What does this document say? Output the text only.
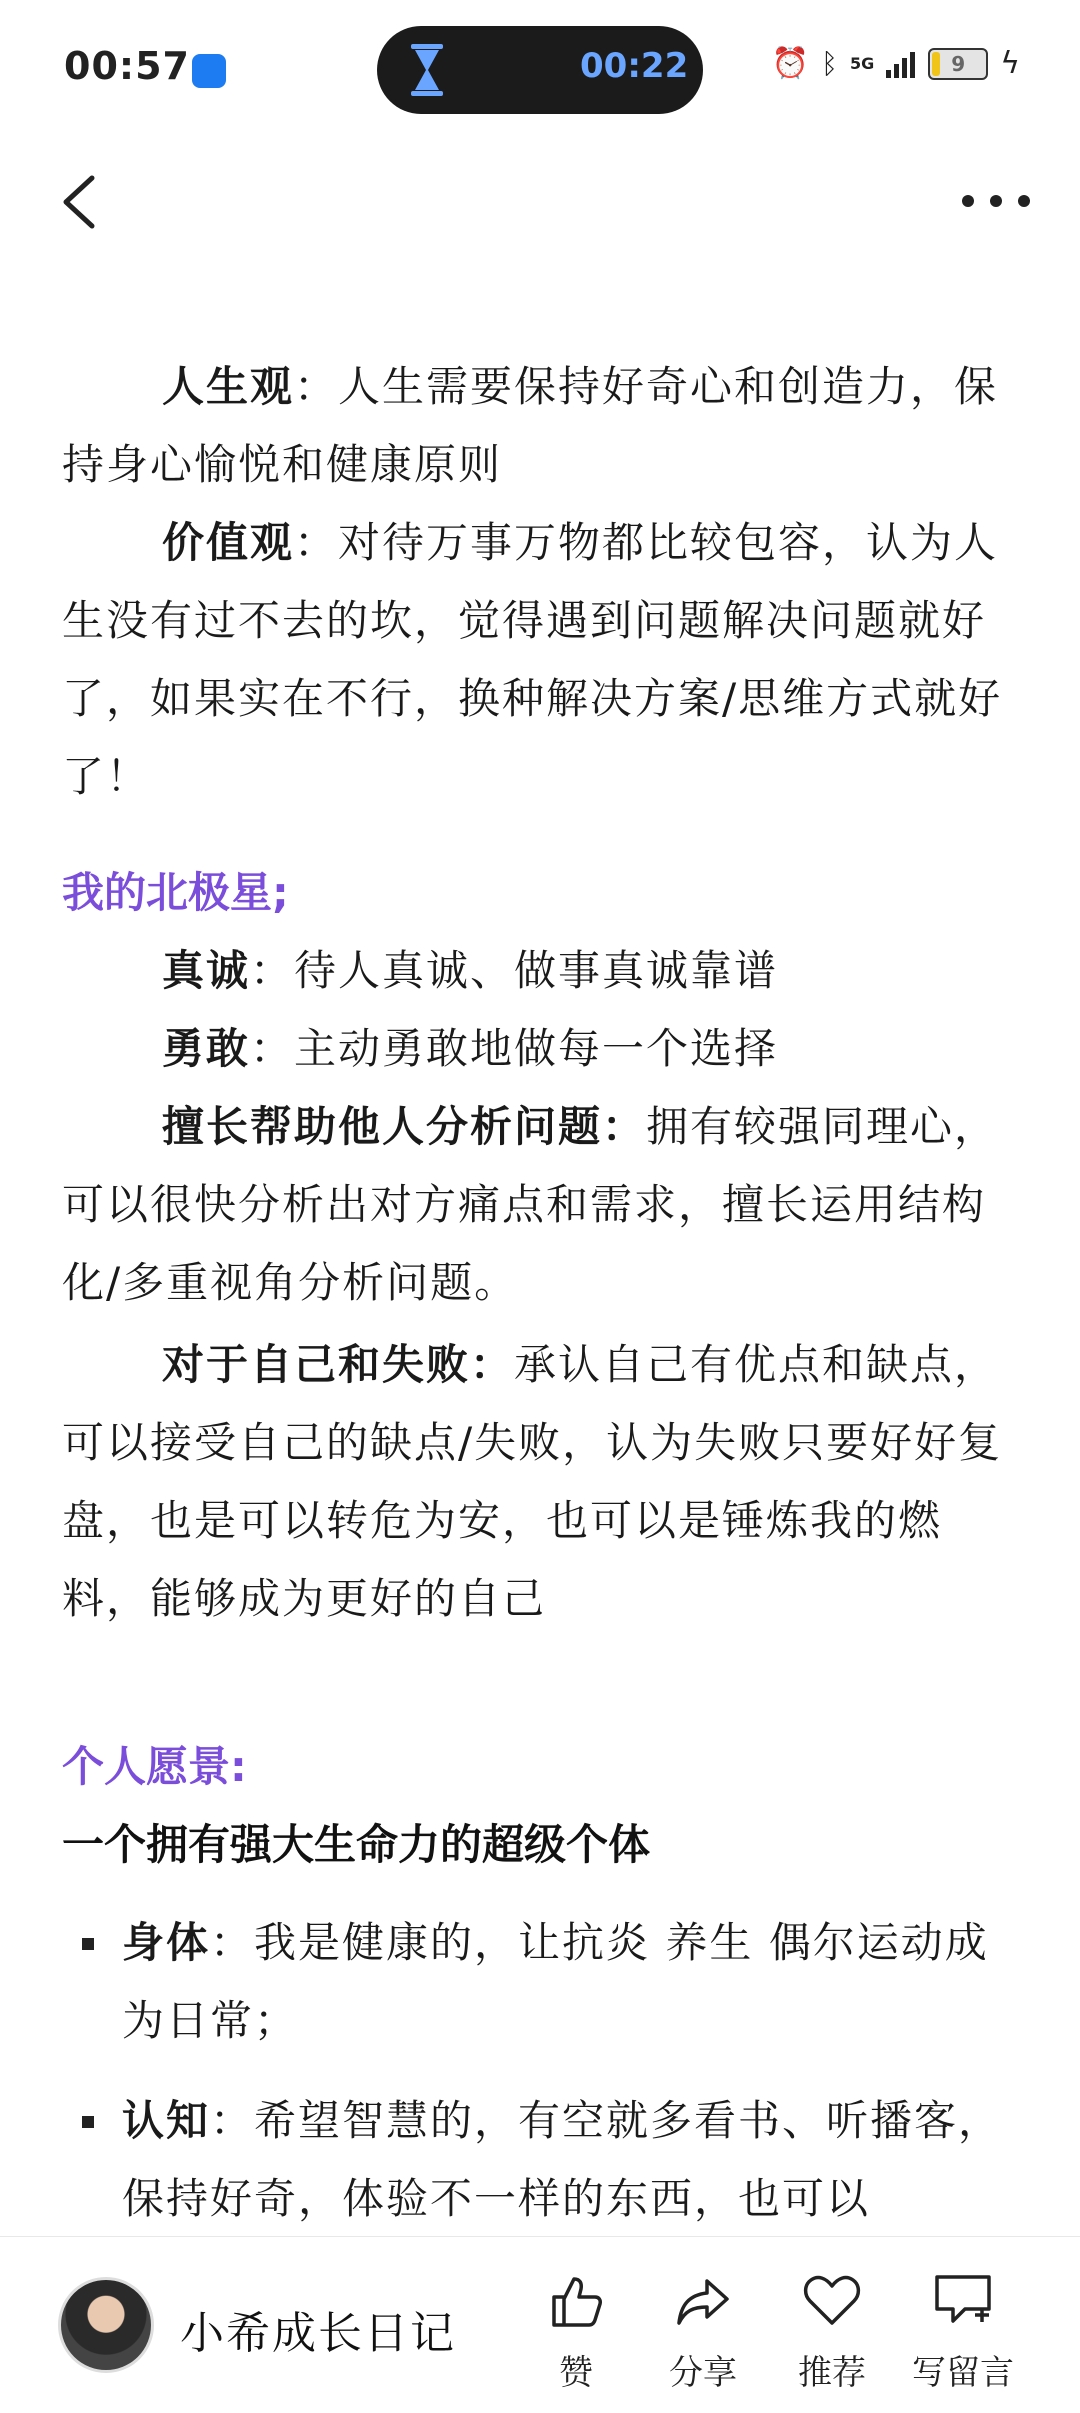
00:57	00:22	⏰ ᛒ 5G	9 ϟ

人生观：人生需要保持好奇心和创造力，保持身心愉悦和健康原则

价值观：对待万事万物都比较包容，认为人生没有过不去的坎，觉得遇到问题解决问题就好了，如果实在不行，换种解决方案/思维方式就好了！

我的北极星;

真诚：待人真诚、做事真诚靠谱

勇敢：主动勇敢地做每一个选择

擅长帮助他人分析问题：拥有较强同理心，可以很快分析出对方痛点和需求，擅长运用结构化/多重视角分析问题。

对于自己和失败：承认自己有优点和缺点，可以接受自己的缺点/失败，认为失败只要好好复盘，也是可以转危为安，也可以是锤炼我的燃料，能够成为更好的自己

个人愿景:

一个拥有强大生命力的超级个体

身体：我是健康的，让抗炎 养生 偶尔运动成为日常；

认知：希望智慧的，有空就多看书、听播客，保持好奇，体验不一样的东西，也可以

小希成长日记
赞	分享	推荐	写留言
